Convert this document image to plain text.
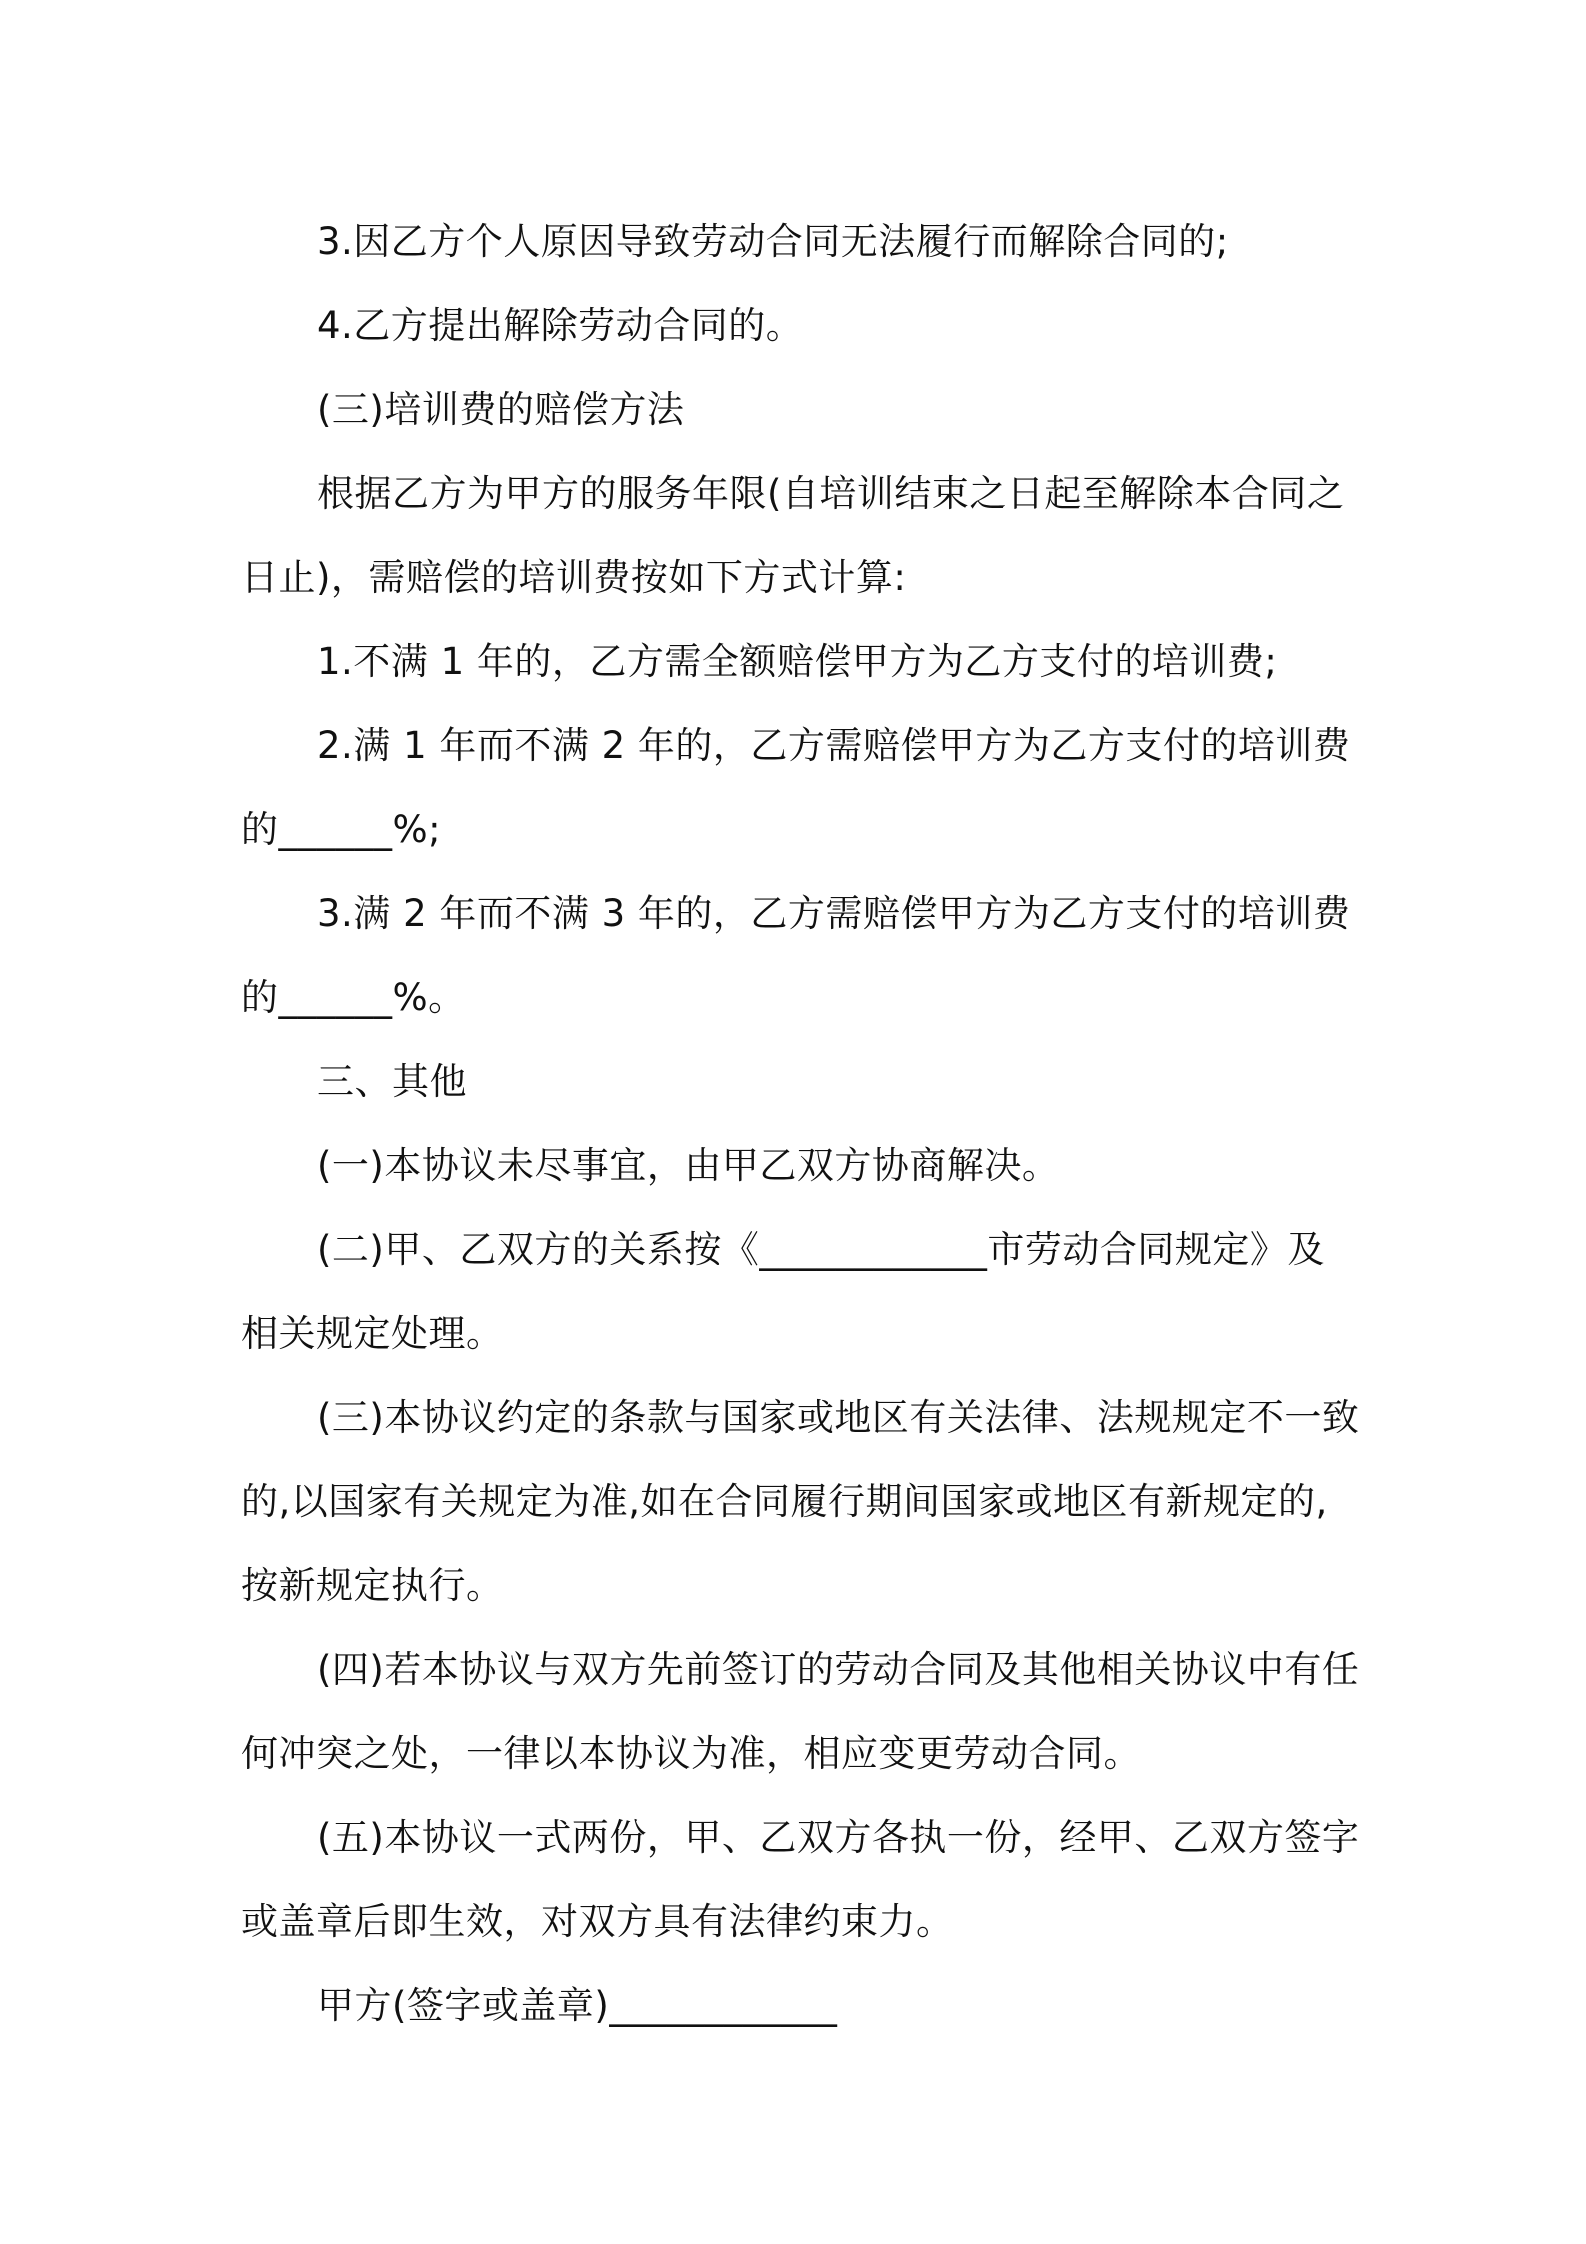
3.因乙方个人原因导致劳动合同无法履行而解除合同的;

4.乙方提出解除劳动合同的。

(三)培训费的赔偿方法

根据乙方为甲方的服务年限(自培训结束之日起至解除本合同之日止)，需赔偿的培训费按如下方式计算:

1.不满 1 年的，乙方需全额赔偿甲方为乙方支付的培训费;

2.满 1 年而不满 2 年的，乙方需赔偿甲方为乙方支付的培训费的______%;

3.满 2 年而不满 3 年的，乙方需赔偿甲方为乙方支付的培训费的______%。

三、其他

(一)本协议未尽事宜，由甲乙双方协商解决。

(二)甲、乙双方的关系按《____________市劳动合同规定》及相关规定处理。

(三)本协议约定的条款与国家或地区有关法律、法规规定不一致的,以国家有关规定为准,如在合同履行期间国家或地区有新规定的,按新规定执行。

(四)若本协议与双方先前签订的劳动合同及其他相关协议中有任何冲突之处，一律以本协议为准，相应变更劳动合同。

(五)本协议一式两份，甲、乙双方各执一份，经甲、乙双方签字或盖章后即生效，对双方具有法律约束力。

甲方(签字或盖章)____________
